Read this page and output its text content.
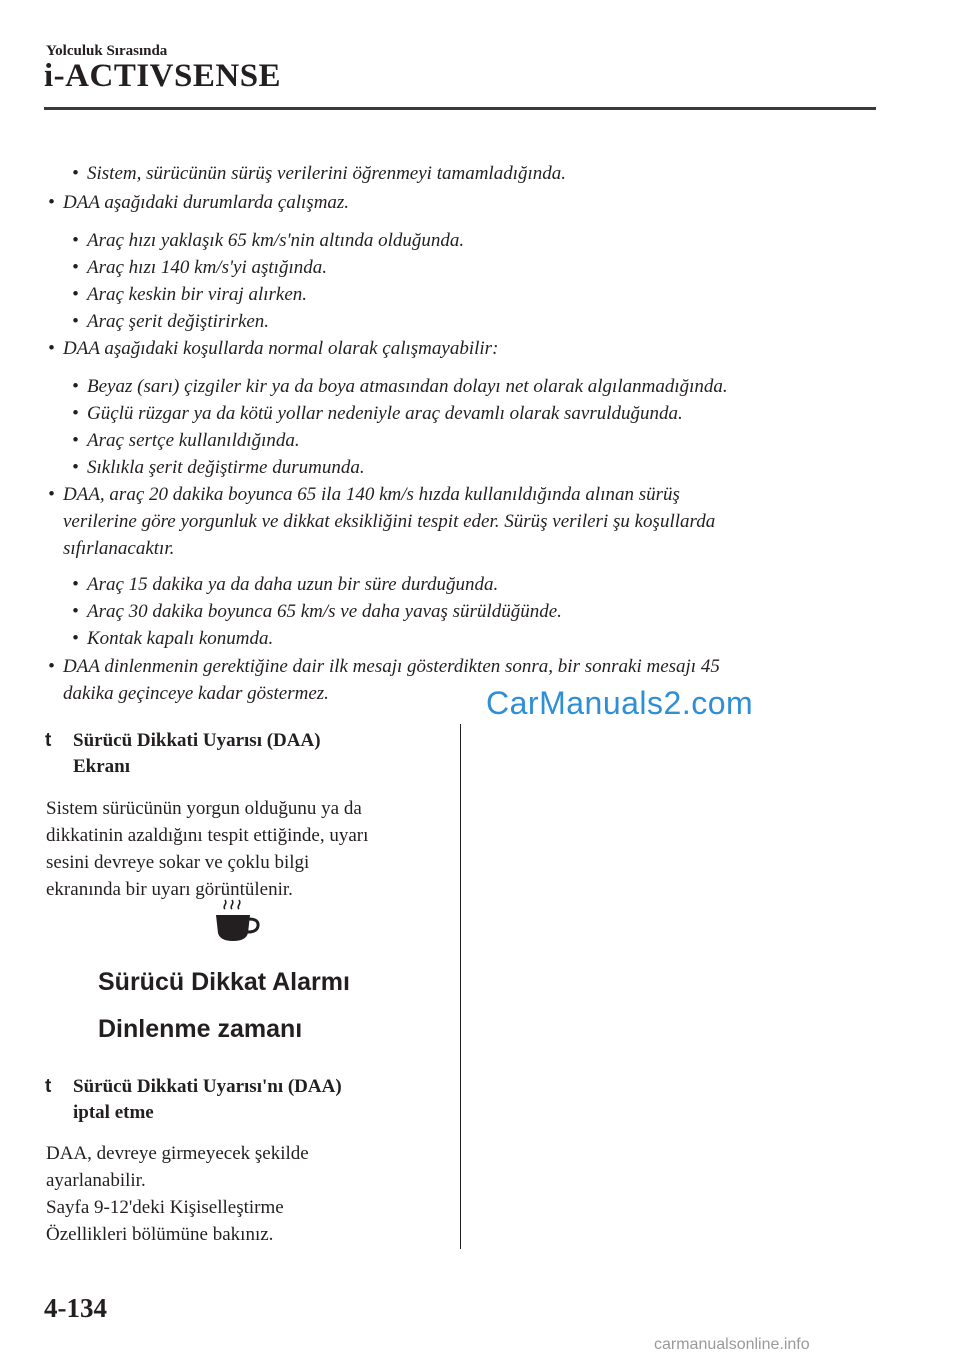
Yolculuk Sırasında
i-ACTIVSENSE
• Sistem, sürücünün sürüş verilerini öğrenmeyi tamamladığında.
• DAA aşağıdaki durumlarda çalışmaz.
• Araç hızı yaklaşık 65 km/s'nin altında olduğunda.
• Araç hızı 140 km/s'yi aştığında.
• Araç keskin bir viraj alırken.
• Araç şerit değiştirirken.
• DAA aşağıdaki koşullarda normal olarak çalışmayabilir:
• Beyaz (sarı) çizgiler kir ya da boya atmasından dolayı net olarak algılanmadığında.
• Güçlü rüzgar ya da kötü yollar nedeniyle araç devamlı olarak savrulduğunda.
• Araç sertçe kullanıldığında.
• Sıklıkla şerit değiştirme durumunda.
• DAA, araç 20 dakika boyunca 65 ila 140 km/s hızda kullanıldığında alınan sürüş
verilerine göre yorgunluk ve dikkat eksikliğini tespit eder. Sürüş verileri şu koşullarda
sıfırlanacaktır.
• Araç 15 dakika ya da daha uzun bir süre durduğunda.
• Araç 30 dakika boyunca 65 km/s ve daha yavaş sürüldüğünde.
• Kontak kapalı konumda.
• DAA dinlenmenin gerektiğine dair ilk mesajı gösterdikten sonra, bir sonraki mesajı 45
dakika geçinceye kadar göstermez.	CarManuals2.com
t Sürücü Dikkati Uyarısı (DAA)
Ekranı
Sistem sürücünün yorgun olduğunu ya da
dikkatinin azaldığını tespit ettiğinde, uyarı
sesini devreye sokar ve çoklu bilgi
ekranında bir uyarı görüntülenir.
Sürücü Dikkat Alarmı
Dinlenme zamanı
t Sürücü Dikkati Uyarısı'nı (DAA)
iptal etme
DAA, devreye girmeyecek şekilde
ayarlanabilir.
Sayfa 9-12'deki Kişiselleştirme
Özellikleri bölümüne bakınız.
4-134
carmanualsonline.info
